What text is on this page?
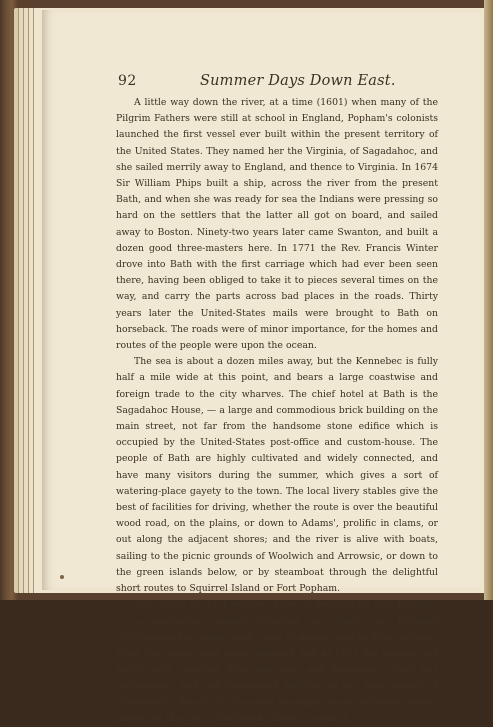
92	Summer Days Down East.

A little way down the river, at a time (1601) when many of the Pilgrim Fathers were still at school in England, Popham's colonists launched the first vessel ever built within the present territory of the United States. They named her the Virginia, of Sagadahoc, and she sailed merrily away to England, and thence to Virginia. In 1674 Sir William Phips built a ship, across the river from the present Bath, and when she was ready for sea the Indians were pressing so hard on the settlers that the latter all got on board, and sailed away to Boston. Ninety-two years later came Swanton, and built a dozen good three-masters here. In 1771 the Rev. Francis Winter drove into Bath with the first carriage which had ever been seen there, having been obliged to take it to pieces several times on the way, and carry the parts across bad places in the roads. Thirty years later the United-States mails were brought to Bath on horseback. The roads were of minor importance, for the homes and routes of the people were upon the ocean.

The sea is about a dozen miles away, but the Kennebec is fully half a mile wide at this point, and bears a large coastwise and foreign trade to the city wharves. The chief hotel at Bath is the Sagadahoc House, — a large and commodious brick building on the main street, not far from the handsome stone edifice which is occupied by the United-States post-office and custom-house. The people of Bath are highly cultivated and widely connected, and have many visitors during the summer, which gives a sort of watering-place gayety to the town. The local livery stables give the best of facilities for driving, whether the route is over the beautiful wood road, on the plains, or down to Adams', prolific in clams, or out along the adjacent shores; and the river is alive with boats, sailing to the picnic grounds of Woolwich and Arrowsic, or down to the green islands below, or by steamboat through the delightful short routes to Squirrel Island or Fort Popham.

The mouth of the Kennebec River is guarded by Fort Popham, — a ponderous granite structure on which the National Government has spent great sums of money, and to little purpose, since the works were never finished, and in 1882 the cannon and shells were removed from the walls and magazines. Near this picturesque and half-dismantled fortress is the long sweep of Hunnewell's Beach, of late years becoming more and more known abroad as the site of the Eureka House, to which
